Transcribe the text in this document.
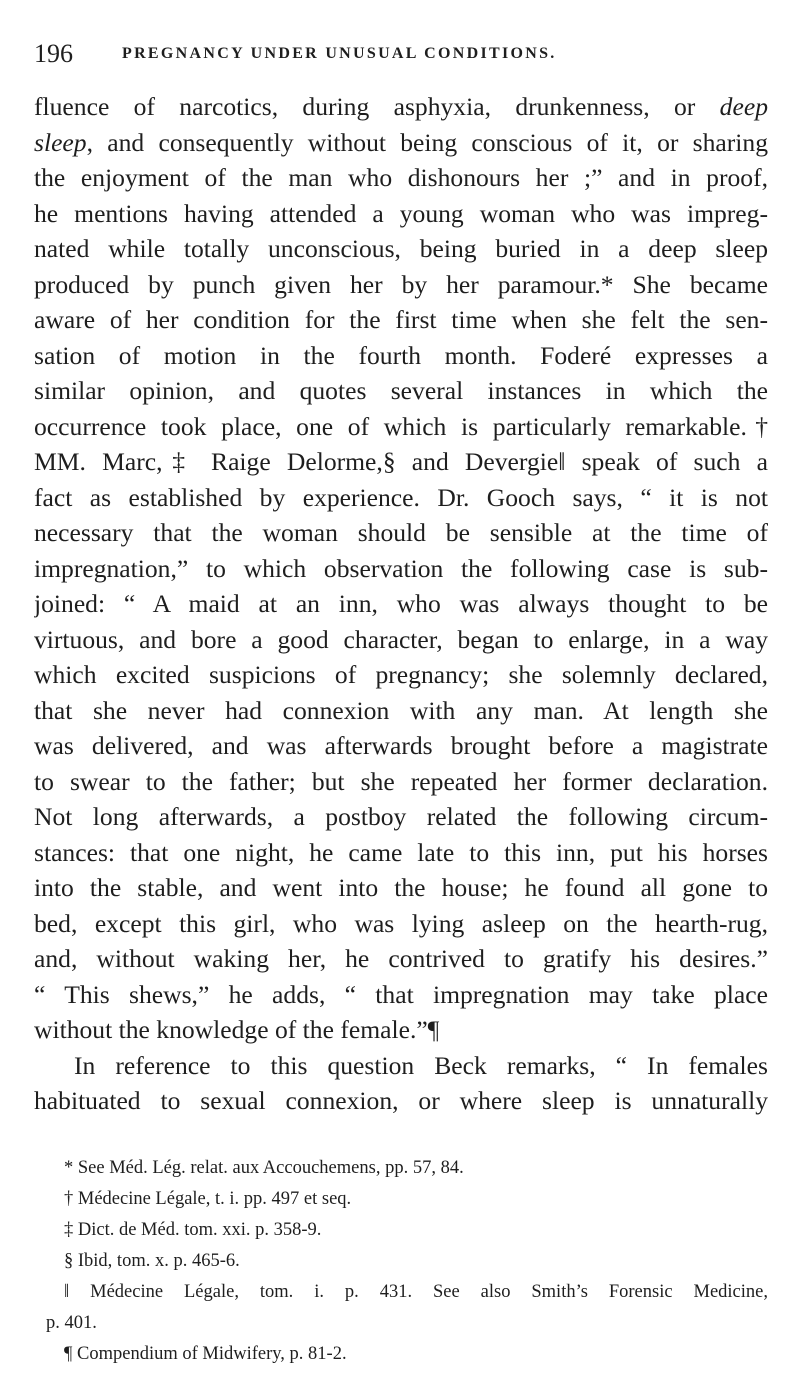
196	PREGNANCY UNDER UNUSUAL CONDITIONS.
fluence of narcotics, during asphyxia, drunkenness, or deep
sleep, and consequently without being conscious of it, or sharing
the enjoyment of the man who dishonours her ;” and in proof,
he mentions having attended a young woman who was impreg-
nated while totally unconscious, being buried in a deep sleep
produced by punch given her by her paramour.* She became
aware of her condition for the first time when she felt the sen-
sation of motion in the fourth month. Foderé expresses a
similar opinion, and quotes several instances in which the
occurrence took place, one of which is particularly remarkable.†
MM. Marc,‡ Raige Delorme,§ and Devergie‖ speak of such a
fact as established by experience. Dr. Gooch says, “ it is not
necessary that the woman should be sensible at the time of
impregnation,” to which observation the following case is sub-
joined: “ A maid at an inn, who was always thought to be
virtuous, and bore a good character, began to enlarge, in a way
which excited suspicions of pregnancy; she solemnly declared,
that she never had connexion with any man. At length she
was delivered, and was afterwards brought before a magistrate
to swear to the father; but she repeated her former declaration.
Not long afterwards, a postboy related the following circum-
stances: that one night, he came late to this inn, put his horses
into the stable, and went into the house; he found all gone to
bed, except this girl, who was lying asleep on the hearth-rug,
and, without waking her, he contrived to gratify his desires.”
“ This shews,” he adds, “ that impregnation may take place
without the knowledge of the female.”¶
In reference to this question Beck remarks, “ In females
habituated to sexual connexion, or where sleep is unnaturally
* See Méd. Lég. relat. aux Accouchemens, pp. 57, 84.
† Médecine Légale, t. i. pp. 497 et seq.
‡ Dict. de Méd. tom. xxi. p. 358-9.
§ Ibid, tom. x. p. 465-6.
‖ Médecine Légale, tom. i. p. 431. See also Smith’s Forensic Medicine,
p. 401.
¶ Compendium of Midwifery, p. 81-2.
